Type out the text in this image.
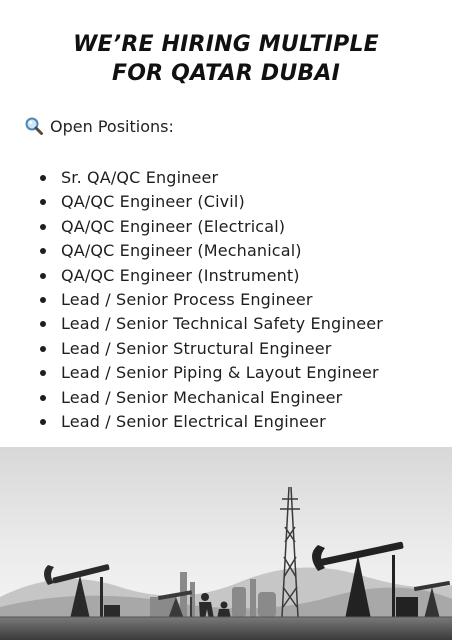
WE’RE HIRING MULTIPLE
FOR QATAR DUBAI
Open Positions:
Sr. QA/QC Engineer
QA/QC Engineer (Civil)
QA/QC Engineer (Electrical)
QA/QC Engineer (Mechanical)
QA/QC Engineer (Instrument)
Lead / Senior Process Engineer
Lead / Senior Technical Safety Engineer
Lead / Senior Structural Engineer
Lead / Senior Piping & Layout Engineer
Lead / Senior Mechanical Engineer
Lead / Senior Electrical Engineer
